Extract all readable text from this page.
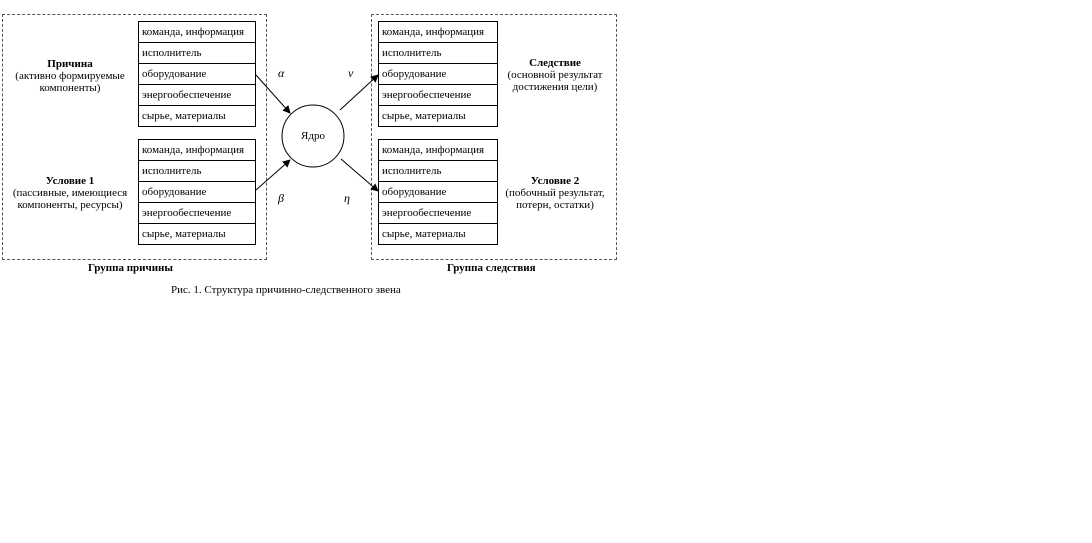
команда, информация
исполнитель
оборудование
энергообеспечение
сырье, материалы
команда, информация
исполнитель
оборудование
энергообеспечение
сырье, материалы
команда, информация
исполнитель
оборудование
энергообеспечение
сырье, материалы
команда, информация
исполнитель
оборудование
энергообеспечение
сырье, материалы
Причина
(активно формируемые
компоненты)
Условие 1
(пассивные, имеющиеся
компоненты, ресурсы)
Следствие
(основной результат
достижения цели)
Условие 2
(побочный результат,
потерн, остатки)
Ядро
α
β
ν
η
Группа причины	Группа следствия
Рис. 1. Структура причинно-следственного звена
